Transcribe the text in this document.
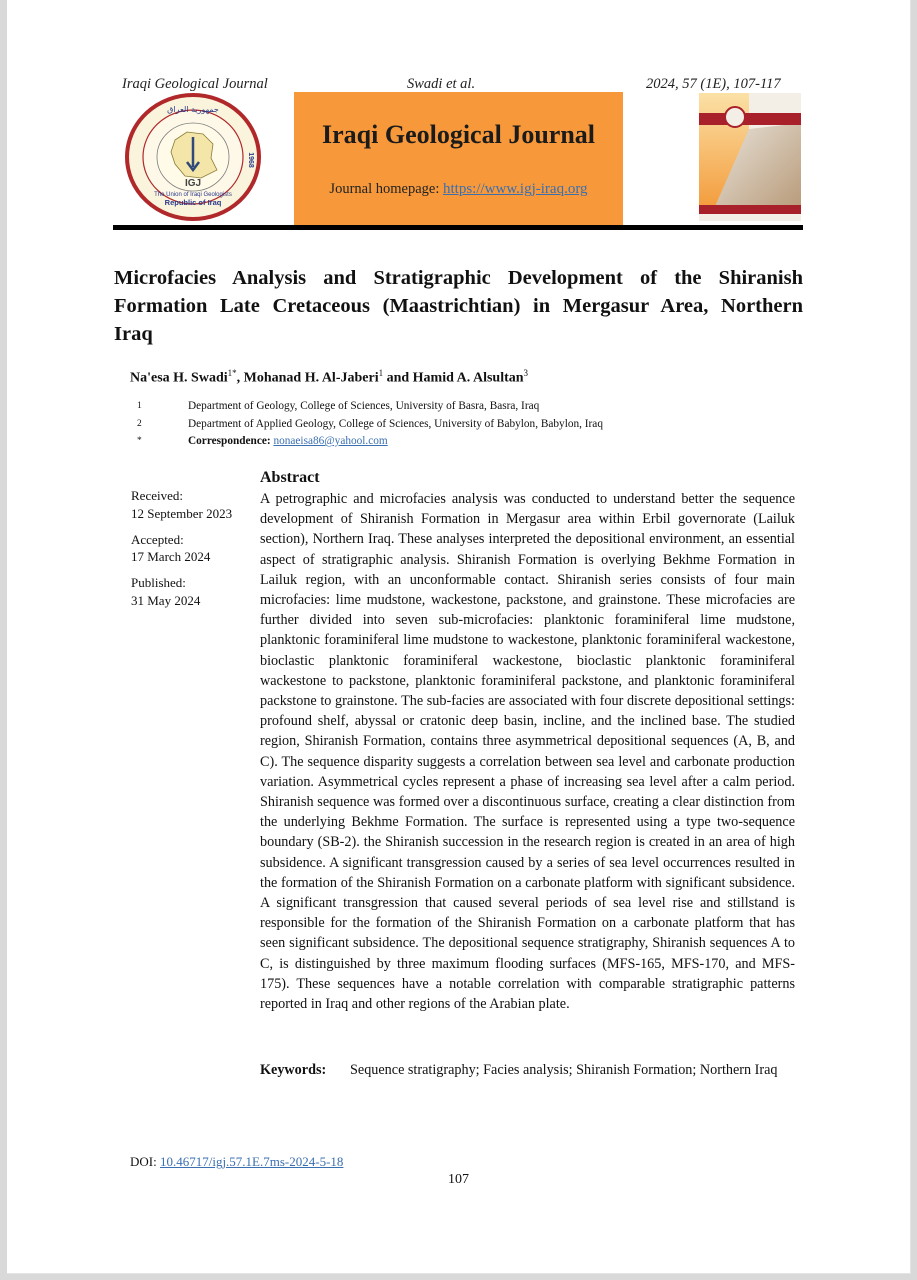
Iraqi Geological Journal	Swadi et al.	2024, 57 (1E), 107-117
IGJ
جمهورية العراق
Republic of Iraq
The Union of Iraqi Geologists
1968
Iraqi Geological Journal
Journal homepage: https://www.igj-iraq.org
Microfacies Analysis and Stratigraphic Development of the Shiranish Formation Late Cretaceous (Maastrichtian) in Mergasur Area, Northern Iraq
Na'esa H. Swadi$^{1*}$, Mohanad H. Al-Jaberi$^1$ and Hamid A. Alsultan$^3$
1	Department of Geology, College of Sciences, University of Basra, Basra, Iraq
2	Department of Applied Geology, College of Sciences, University of Babylon, Babylon, Iraq
*	Correspondence: nonaeisa86@yahool.com
Received:
12 September 2023
Accepted:
17 March 2024
Published:
31 May 2024
Abstract
A petrographic and microfacies analysis was conducted to understand better the sequence development of Shiranish Formation in Mergasur area within Erbil governorate (Lailuk section), Northern Iraq. These analyses interpreted the depositional environment, an essential aspect of stratigraphic analysis. Shiranish Formation is overlying Bekhme Formation in Lailuk region, with an unconformable contact. Shiranish series consists of four main microfacies: lime mudstone, wackestone, packstone, and grainstone. These microfacies are further divided into seven sub-microfacies: planktonic foraminiferal lime mudstone, planktonic foraminiferal lime mudstone to wackestone, planktonic foraminiferal wackestone, bioclastic planktonic foraminiferal wackestone, bioclastic planktonic foraminiferal wackestone to packstone, planktonic foraminiferal packstone, and planktonic foraminiferal packstone to grainstone. The sub-facies are associated with four discrete depositional settings: profound shelf, abyssal or cratonic deep basin, incline, and the inclined base. The studied region, Shiranish Formation, contains three asymmetrical depositional sequences (A, B, and C). The sequence disparity suggests a correlation between sea level and carbonate production variation. Asymmetrical cycles represent a phase of increasing sea level after a calm period. Shiranish sequence was formed over a discontinuous surface, creating a clear distinction from the underlying Bekhme Formation. The surface is represented using a type two-sequence boundary (SB-2). the Shiranish succession in the research region is created in an area of high subsidence. A significant transgression caused by a series of sea level occurrences resulted in the formation of the Shiranish Formation on a carbonate platform with significant subsidence. A significant transgression that caused several periods of sea level rise and stillstand is responsible for the formation of the Shiranish Formation on a carbonate platform that has seen significant subsidence. The depositional sequence stratigraphy, Shiranish sequences A to C, is distinguished by three maximum flooding surfaces (MFS-165, MFS-170, and MFS-175). These sequences have a notable correlation with comparable stratigraphic patterns reported in Iraq and other regions of the Arabian plate.
Keywords:	Sequence stratigraphy; Facies analysis; Shiranish Formation; Northern Iraq
DOI: 10.46717/igj.57.1E.7ms-2024-5-18
107
